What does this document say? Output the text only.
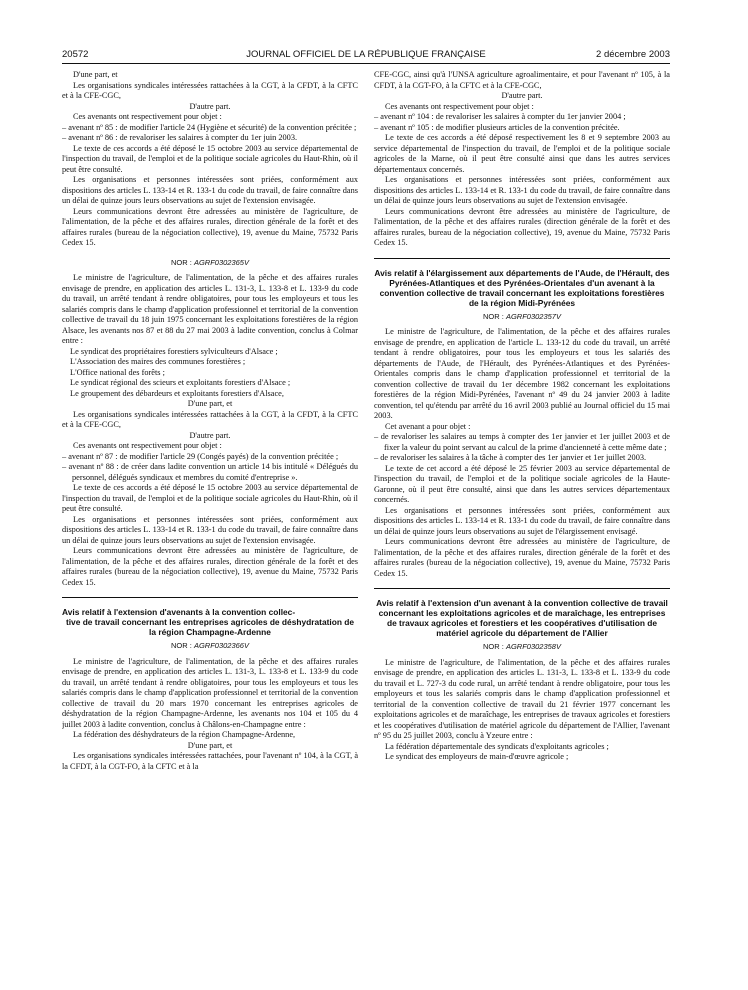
20572	JOURNAL OFFICIEL DE LA RÉPUBLIQUE FRANÇAISE	2 décembre 2003

D'une part, et

Les organisations syndicales intéressées rattachées à la CGT, à la CFDT, à la CFTC et à la CFE-CGC,

D'autre part.

Ces avenants ont respectivement pour objet :

– avenant nº 85 : de modifier l'article 24 (Hygiène et sécurité) de la convention précitée ;

– avenant nº 86 : de revaloriser les salaires à compter du 1er juin 2003.

Le texte de ces accords a été déposé le 15 octobre 2003 au service départemental de l'inspection du travail, de l'emploi et de la politique sociale agricoles du Haut-Rhin, où il peut être consulté.

Les organisations et personnes intéressées sont priées, conformément aux dispositions des articles L. 133-14 et R. 133-1 du code du travail, de faire connaître dans un délai de quinze jours leurs observations au sujet de l'extension envisagée.

Leurs communications devront être adressées au ministère de l'agriculture, de l'alimentation, de la pêche et des affaires rurales, direction générale de la forêt et des affaires rurales (bureau de la négociation collective), 19, avenue du Maine, 75732 Paris Cedex 15.

NOR : AGRF0302365V

Le ministre de l'agriculture, de l'alimentation, de la pêche et des affaires rurales envisage de prendre, en application des articles L. 131-3, L. 133-8 et L. 133-9 du code du travail, un arrêté tendant à rendre obligatoires, pour tous les employeurs et tous les salariés compris dans le champ d'application professionnel et territorial de la convention collective de travail du 18 juin 1975 concernant les exploitations forestières de la région Alsace, les avenants nos 87 et 88 du 27 mai 2003 à ladite convention, conclus à Colmar entre :

Le syndicat des propriétaires forestiers sylviculteurs d'Alsace ;

L'Association des maires des communes forestières ;

L'Office national des forêts ;

Le syndicat régional des scieurs et exploitants forestiers d'Alsace ;

Le groupement des débardeurs et exploitants forestiers d'Alsace,

D'une part, et

Les organisations syndicales intéressées rattachées à la CGT, à la CFDT, à la CFTC et à la CFE-CGC,

D'autre part.

Ces avenants ont respectivement pour objet :

– avenant nº 87 : de modifier l'article 29 (Congés payés) de la convention précitée ;

– avenant nº 88 : de créer dans ladite convention un article 14 bis intitulé « Délégués du personnel, délégués syndicaux et membres du comité d'entreprise ».

Le texte de ces accords a été déposé le 15 octobre 2003 au service départemental de l'inspection du travail, de l'emploi et de la politique sociale agricoles du Haut-Rhin, où il peut être consulté.

Les organisations et personnes intéressées sont priées, conformément aux dispositions des articles L. 133-14 et R. 133-1 du code du travail, de faire connaître dans un délai de quinze jours leurs observations au sujet de l'extension envisagée.

Leurs communications devront être adressées au ministère de l'agriculture, de l'alimentation, de la pêche et des affaires rurales, direction générale de la forêt et des affaires rurales (bureau de la négociation collective), 19, avenue du Maine, 75732 Paris Cedex 15.

Avis relatif à l'extension d'avenants à la convention collec-
tive de travail concernant les entreprises agricoles de déshydratation de la région Champagne-Ardenne
NOR : AGRF0302366V

Le ministre de l'agriculture, de l'alimentation, de la pêche et des affaires rurales envisage de prendre, en application des articles L. 131-3, L. 133-8 et L. 133-9 du code du travail, un arrêté tendant à rendre obligatoires, pour tous les employeurs et tous les salariés compris dans le champ d'application professionnel et territorial de la convention collective de travail du 20 mars 1970 concernant les entreprises agricoles de déshydratation de la région Champagne-Ardenne, les avenants nos 104 et 105 du 4 juillet 2003 à ladite convention, conclus à Châlons-en-Champagne entre :

La fédération des déshydrateurs de la région Champagne-Ardenne,

D'une part, et

Les organisations syndicales intéressées rattachées, pour l'avenant nº 104, à la CGT, à la CFDT, à la CGT-FO, à la CFTC et à la

CFE-CGC, ainsi qu'à l'UNSA agriculture agroalimentaire, et pour l'avenant nº 105, à la CFDT, à la CGT-FO, à la CFTC et à la CFE-CGC,

D'autre part.

Ces avenants ont respectivement pour objet :

– avenant nº 104 : de revaloriser les salaires à compter du 1er janvier 2004 ;

– avenant nº 105 : de modifier plusieurs articles de la convention précitée.

Le texte de ces accords a été déposé respectivement les 8 et 9 septembre 2003 au service départemental de l'inspection du travail, de l'emploi et de la politique sociale agricoles de la Marne, où il peut être consulté ainsi que dans les autres services départementaux concernés.

Les organisations et personnes intéressées sont priées, conformément aux dispositions des articles L. 133-14 et R. 133-1 du code du travail, de faire connaître dans un délai de quinze jours leurs observations au sujet de l'extension envisagée.

Leurs communications devront être adressées au ministère de l'agriculture, de l'alimentation, de la pêche et des affaires rurales (direction générale de la forêt et des affaires rurales, bureau de la négociation collective), 19, avenue du Maine, 75732 Paris Cedex 15.

Avis relatif à l'élargissement aux départements de l'Aude, de l'Hérault, des Pyrénées-Atlantiques et des Pyrénées-Orientales d'un avenant à la convention collective de travail concernant les exploitations forestières de la région Midi-Pyrénées
NOR : AGRF0302357V

Le ministre de l'agriculture, de l'alimentation, de la pêche et des affaires rurales envisage de prendre, en application de l'article L. 133-12 du code du travail, un arrêté tendant à rendre obligatoires, pour tous les employeurs et tous les salariés des départements de l'Aude, de l'Hérault, des Pyrénées-Atlantiques et des Pyrénées-Orientales compris dans le champ d'application professionnel et territorial de la convention collective de travail du 1er décembre 1982 concernant les exploitations forestières de la région Midi-Pyrénées, l'avenant nº 49 du 24 janvier 2003 à ladite convention, tel qu'étendu par arrêté du 16 avril 2003 publié au Journal officiel du 15 mai 2003.

Cet avenant a pour objet :

– de revaloriser les salaires au temps à compter des 1er janvier et 1er juillet 2003 et de fixer la valeur du point servant au calcul de la prime d'ancienneté à cette même date ;

– de revaloriser les salaires à la tâche à compter des 1er janvier et 1er juillet 2003.

Le texte de cet accord a été déposé le 25 février 2003 au service départemental de l'inspection du travail, de l'emploi et de la politique sociale agricoles de la Haute-Garonne, où il peut être consulté, ainsi que dans les autres services départementaux concernés.

Les organisations et personnes intéressées sont priées, conformément aux dispositions des articles L. 133-14 et R. 133-1 du code du travail, de faire connaître dans un délai de quinze jours leurs observations au sujet de l'élargissement envisagé.

Leurs communications devront être adressées au ministère de l'agriculture, de l'alimentation, de la pêche et des affaires rurales, direction générale de la forêt et des affaires rurales (bureau de la négociation collective), 19, avenue du Maine, 75732 Paris Cedex 15.

Avis relatif à l'extension d'un avenant à la convention collective de travail concernant les exploitations agricoles et de maraîchage, les entreprises de travaux agricoles et forestiers et les coopératives d'utilisation de matériel agricole du département de l'Allier
NOR : AGRF0302358V

Le ministre de l'agriculture, de l'alimentation, de la pêche et des affaires rurales envisage de prendre, en application des articles L. 131-3, L. 133-8 et L. 133-9 du code du travail et L. 727-3 du code rural, un arrêté tendant à rendre obligatoire, pour tous les employeurs et tous les salariés compris dans le champ d'application professionnel et territorial de la convention collective de travail du 21 février 1977 concernant les exploitations agricoles et de maraîchage, les entreprises de travaux agricoles et forestiers et les coopératives d'utilisation de matériel agricole du département de l'Allier, l'avenant nº 95 du 25 juillet 2003, conclu à Yzeure entre :

La fédération départementale des syndicats d'exploitants agricoles ;

Le syndicat des employeurs de main-d'œuvre agricole ;
